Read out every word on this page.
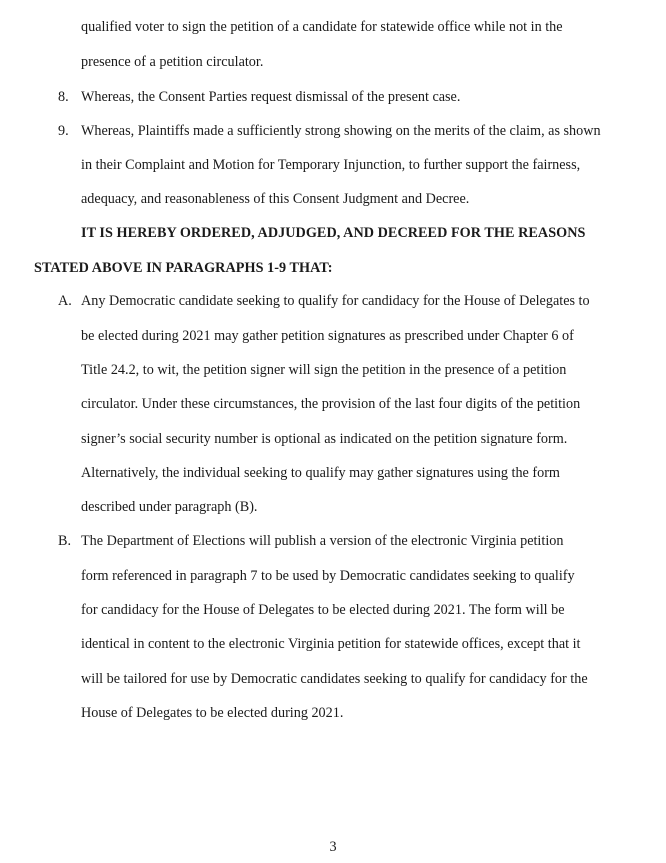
qualified voter to sign the petition of a candidate for statewide office while not in the
presence of a petition circulator.
8. Whereas, the Consent Parties request dismissal of the present case.
9. Whereas, Plaintiffs made a sufficiently strong showing on the merits of the claim, as shown
in their Complaint and Motion for Temporary Injunction, to further support the fairness,
adequacy, and reasonableness of this Consent Judgment and Decree.
IT IS HEREBY ORDERED, ADJUDGED, AND DECREED FOR THE REASONS
STATED ABOVE IN PARAGRAPHS 1-9 THAT:
A. Any Democratic candidate seeking to qualify for candidacy for the House of Delegates to
be elected during 2021 may gather petition signatures as prescribed under Chapter 6 of
Title 24.2, to wit, the petition signer will sign the petition in the presence of a petition
circulator. Under these circumstances, the provision of the last four digits of the petition
signer’s social security number is optional as indicated on the petition signature form.
Alternatively, the individual seeking to qualify may gather signatures using the form
described under paragraph (B).
B. The Department of Elections will publish a version of the electronic Virginia petition
form referenced in paragraph 7 to be used by Democratic candidates seeking to qualify
for candidacy for the House of Delegates to be elected during 2021. The form will be
identical in content to the electronic Virginia petition for statewide offices, except that it
will be tailored for use by Democratic candidates seeking to qualify for candidacy for the
House of Delegates to be elected during 2021.
3
